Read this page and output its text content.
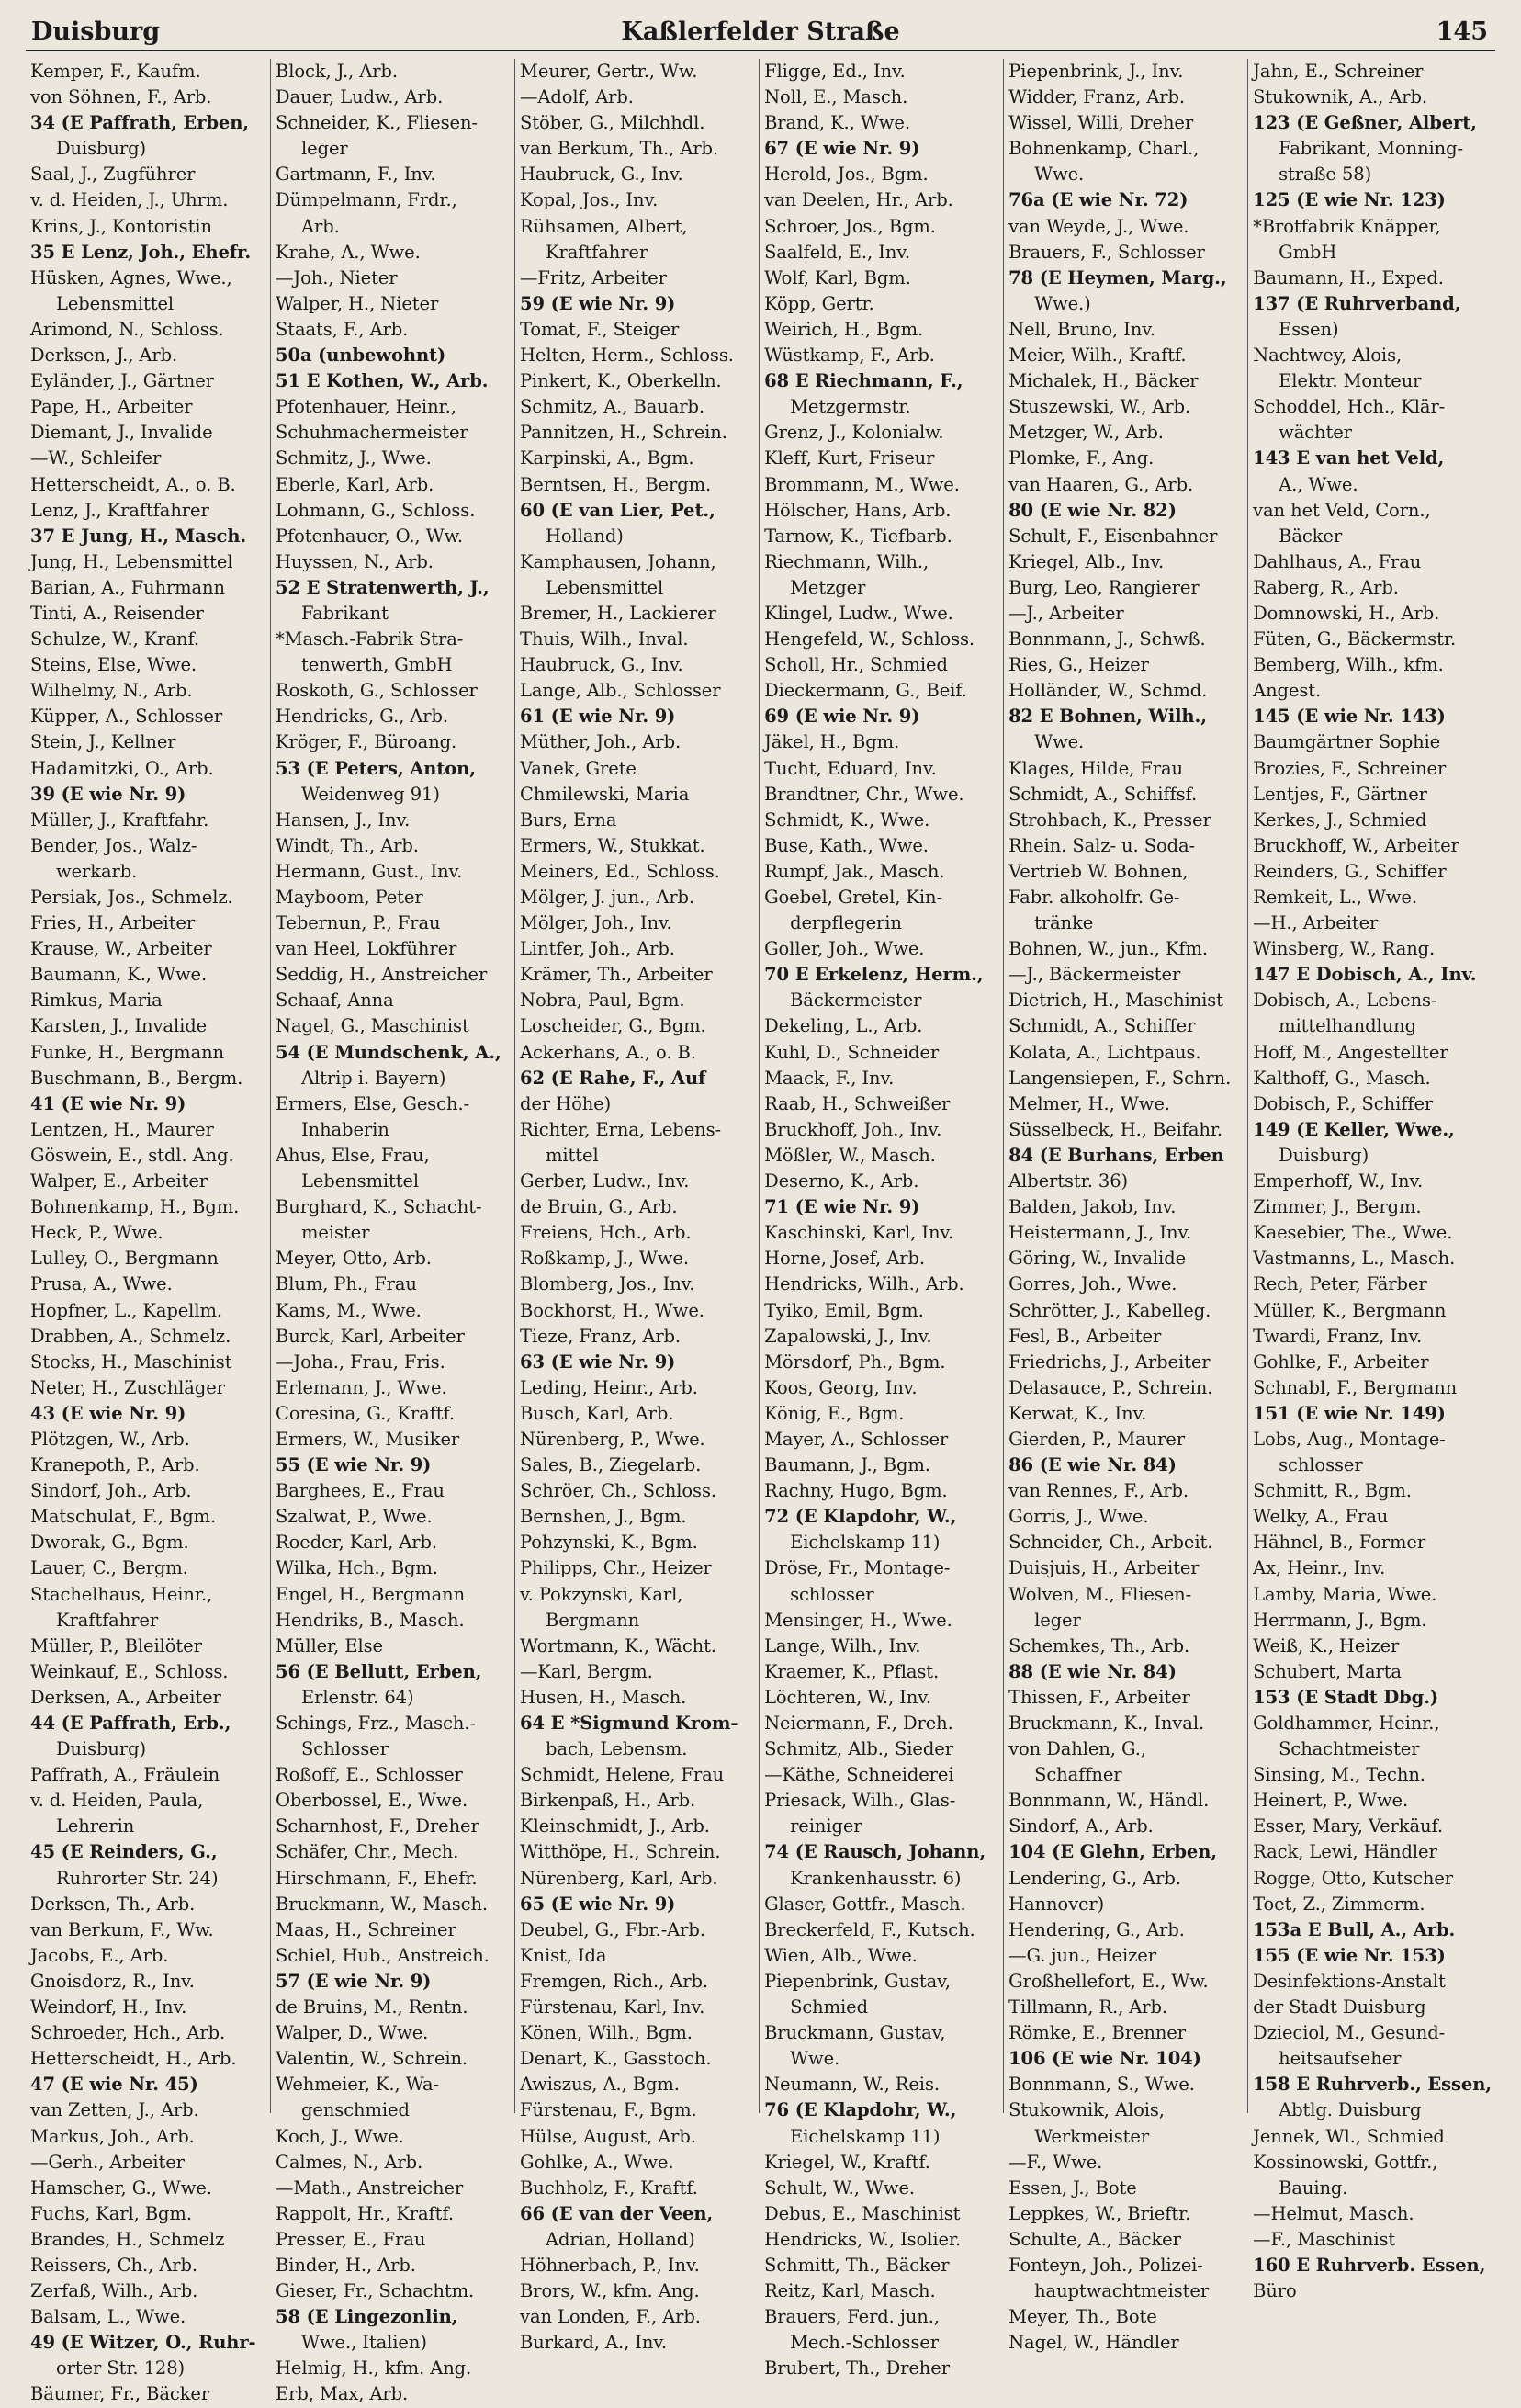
Duisburg	Kaßlerfelder Straße	145
Kemper, F., Kaufm.
von Söhnen, F., Arb.
34 (E Paffrath, Erben,
Duisburg)
Saal, J., Zugführer
v. d. Heiden, J., Uhrm.
Krins, J., Kontoristin
35 E Lenz, Joh., Ehefr.
Hüsken, Agnes, Wwe.,
Lebensmittel
Arimond, N., Schloss.
Derksen, J., Arb.
Eyländer, J., Gärtner
Pape, H., Arbeiter
Diemant, J., Invalide
—W., Schleifer
Hetterscheidt, A., o. B.
Lenz, J., Kraftfahrer
37 E Jung, H., Masch.
Jung, H., Lebensmittel
Barian, A., Fuhrmann
Tinti, A., Reisender
Schulze, W., Kranf.
Steins, Else, Wwe.
Wilhelmy, N., Arb.
Küpper, A., Schlosser
Stein, J., Kellner
Hadamitzki, O., Arb.
39 (E wie Nr. 9)
Müller, J., Kraftfahr.
Bender, Jos., Walz-
werkarb.
Persiak, Jos., Schmelz.
Fries, H., Arbeiter
Krause, W., Arbeiter
Baumann, K., Wwe.
Rimkus, Maria
Karsten, J., Invalide
Funke, H., Bergmann
Buschmann, B., Bergm.
41 (E wie Nr. 9)
Lentzen, H., Maurer
Göswein, E., stdl. Ang.
Walper, E., Arbeiter
Bohnenkamp, H., Bgm.
Heck, P., Wwe.
Lulley, O., Bergmann
Prusa, A., Wwe.
Hopfner, L., Kapellm.
Drabben, A., Schmelz.
Stocks, H., Maschinist
Neter, H., Zuschläger
43 (E wie Nr. 9)
Plötzgen, W., Arb.
Kranepoth, P., Arb.
Sindorf, Joh., Arb.
Matschulat, F., Bgm.
Dworak, G., Bgm.
Lauer, C., Bergm.
Stachelhaus, Heinr.,
Kraftfahrer
Müller, P., Bleilöter
Weinkauf, E., Schloss.
Derksen, A., Arbeiter
44 (E Paffrath, Erb.,
Duisburg)
Paffrath, A., Fräulein
v. d. Heiden, Paula,
Lehrerin
45 (E Reinders, G.,
Ruhrorter Str. 24)
Derksen, Th., Arb.
van Berkum, F., Ww.
Jacobs, E., Arb.
Gnoisdorz, R., Inv.
Weindorf, H., Inv.
Schroeder, Hch., Arb.
Hetterscheidt, H., Arb.
47 (E wie Nr. 45)
van Zetten, J., Arb.
Markus, Joh., Arb.
—Gerh., Arbeiter
Hamscher, G., Wwe.
Fuchs, Karl, Bgm.
Brandes, H., Schmelz
Reissers, Ch., Arb.
Zerfaß, Wilh., Arb.
Balsam, L., Wwe.
49 (E Witzer, O., Ruhr-
orter Str. 128)
Bäumer, Fr., Bäcker
Block, J., Arb.
Dauer, Ludw., Arb.
Schneider, K., Fliesen-
leger
Gartmann, F., Inv.
Dümpelmann, Frdr.,
Arb.
Krahe, A., Wwe.
—Joh., Nieter
Walper, H., Nieter
Staats, F., Arb.
50a (unbewohnt)
51 E Kothen, W., Arb.
Pfotenhauer, Heinr.,
Schuhmachermeister
Schmitz, J., Wwe.
Eberle, Karl, Arb.
Lohmann, G., Schloss.
Pfotenhauer, O., Ww.
Huyssen, N., Arb.
52 E Stratenwerth, J.,
Fabrikant
*Masch.-Fabrik Stra-
tenwerth, GmbH
Roskoth, G., Schlosser
Hendricks, G., Arb.
Kröger, F., Büroang.
53 (E Peters, Anton,
Weidenweg 91)
Hansen, J., Inv.
Windt, Th., Arb.
Hermann, Gust., Inv.
Mayboom, Peter
Tebernun, P., Frau
van Heel, Lokführer
Seddig, H., Anstreicher
Schaaf, Anna
Nagel, G., Maschinist
54 (E Mundschenk, A.,
Altrip i. Bayern)
Ermers, Else, Gesch.-
Inhaberin
Ahus, Else, Frau,
Lebensmittel
Burghard, K., Schacht-
meister
Meyer, Otto, Arb.
Blum, Ph., Frau
Kams, M., Wwe.
Burck, Karl, Arbeiter
—Joha., Frau, Fris.
Erlemann, J., Wwe.
Coresina, G., Kraftf.
Ermers, W., Musiker
55 (E wie Nr. 9)
Barghees, E., Frau
Szalwat, P., Wwe.
Roeder, Karl, Arb.
Wilka, Hch., Bgm.
Engel, H., Bergmann
Hendriks, B., Masch.
Müller, Else
56 (E Bellutt, Erben,
Erlenstr. 64)
Schings, Frz., Masch.-
Schlosser
Roßoff, E., Schlosser
Oberbossel, E., Wwe.
Scharnhost, F., Dreher
Schäfer, Chr., Mech.
Hirschmann, F., Ehefr.
Bruckmann, W., Masch.
Maas, H., Schreiner
Schiel, Hub., Anstreich.
57 (E wie Nr. 9)
de Bruins, M., Rentn.
Walper, D., Wwe.
Valentin, W., Schrein.
Wehmeier, K., Wa-
genschmied
Koch, J., Wwe.
Calmes, N., Arb.
—Math., Anstreicher
Rappolt, Hr., Kraftf.
Presser, E., Frau
Binder, H., Arb.
Gieser, Fr., Schachtm.
58 (E Lingezonlin,
Wwe., Italien)
Helmig, H., kfm. Ang.
Erb, Max, Arb.
Meurer, Gertr., Ww.
—Adolf, Arb.
Stöber, G., Milchhdl.
van Berkum, Th., Arb.
Haubruck, G., Inv.
Kopal, Jos., Inv.
Rühsamen, Albert,
Kraftfahrer
—Fritz, Arbeiter
59 (E wie Nr. 9)
Tomat, F., Steiger
Helten, Herm., Schloss.
Pinkert, K., Oberkelln.
Schmitz, A., Bauarb.
Pannitzen, H., Schrein.
Karpinski, A., Bgm.
Berntsen, H., Bergm.
60 (E van Lier, Pet.,
Holland)
Kamphausen, Johann,
Lebensmittel
Bremer, H., Lackierer
Thuis, Wilh., Inval.
Haubruck, G., Inv.
Lange, Alb., Schlosser
61 (E wie Nr. 9)
Müther, Joh., Arb.
Vanek, Grete
Chmilewski, Maria
Burs, Erna
Ermers, W., Stukkat.
Meiners, Ed., Schloss.
Mölger, J. jun., Arb.
Mölger, Joh., Inv.
Lintfer, Joh., Arb.
Krämer, Th., Arbeiter
Nobra, Paul, Bgm.
Loscheider, G., Bgm.
Ackerhans, A., o. B.
62 (E Rahe, F., Auf
der Höhe)
Richter, Erna, Lebens-
mittel
Gerber, Ludw., Inv.
de Bruin, G., Arb.
Freiens, Hch., Arb.
Roßkamp, J., Wwe.
Blomberg, Jos., Inv.
Bockhorst, H., Wwe.
Tieze, Franz, Arb.
63 (E wie Nr. 9)
Leding, Heinr., Arb.
Busch, Karl, Arb.
Nürenberg, P., Wwe.
Sales, B., Ziegelarb.
Schröer, Ch., Schloss.
Bernshen, J., Bgm.
Pohzynski, K., Bgm.
Philipps, Chr., Heizer
v. Pokzynski, Karl,
Bergmann
Wortmann, K., Wächt.
—Karl, Bergm.
Husen, H., Masch.
64 E *Sigmund Krom-
bach, Lebensm.
Schmidt, Helene, Frau
Birkenpaß, H., Arb.
Kleinschmidt, J., Arb.
Witthöpe, H., Schrein.
Nürenberg, Karl, Arb.
65 (E wie Nr. 9)
Deubel, G., Fbr.-Arb.
Knist, Ida
Fremgen, Rich., Arb.
Fürstenau, Karl, Inv.
Könen, Wilh., Bgm.
Denart, K., Gasstoch.
Awiszus, A., Bgm.
Fürstenau, F., Bgm.
Hülse, August, Arb.
Gohlke, A., Wwe.
Buchholz, F., Kraftf.
66 (E van der Veen,
Adrian, Holland)
Höhnerbach, P., Inv.
Brors, W., kfm. Ang.
van Londen, F., Arb.
Burkard, A., Inv.
Fligge, Ed., Inv.
Noll, E., Masch.
Brand, K., Wwe.
67 (E wie Nr. 9)
Herold, Jos., Bgm.
van Deelen, Hr., Arb.
Schroer, Jos., Bgm.
Saalfeld, E., Inv.
Wolf, Karl, Bgm.
Köpp, Gertr.
Weirich, H., Bgm.
Wüstkamp, F., Arb.
68 E Riechmann, F.,
Metzgermstr.
Grenz, J., Kolonialw.
Kleff, Kurt, Friseur
Brommann, M., Wwe.
Hölscher, Hans, Arb.
Tarnow, K., Tiefbarb.
Riechmann, Wilh.,
Metzger
Klingel, Ludw., Wwe.
Hengefeld, W., Schloss.
Scholl, Hr., Schmied
Dieckermann, G., Beif.
69 (E wie Nr. 9)
Jäkel, H., Bgm.
Tucht, Eduard, Inv.
Brandtner, Chr., Wwe.
Schmidt, K., Wwe.
Buse, Kath., Wwe.
Rumpf, Jak., Masch.
Goebel, Gretel, Kin-
derpflegerin
Goller, Joh., Wwe.
70 E Erkelenz, Herm.,
Bäckermeister
Dekeling, L., Arb.
Kuhl, D., Schneider
Maack, F., Inv.
Raab, H., Schweißer
Bruckhoff, Joh., Inv.
Mößler, W., Masch.
Deserno, K., Arb.
71 (E wie Nr. 9)
Kaschinski, Karl, Inv.
Horne, Josef, Arb.
Hendricks, Wilh., Arb.
Tyiko, Emil, Bgm.
Zapalowski, J., Inv.
Mörsdorf, Ph., Bgm.
Koos, Georg, Inv.
König, E., Bgm.
Mayer, A., Schlosser
Baumann, J., Bgm.
Rachny, Hugo, Bgm.
72 (E Klapdohr, W.,
Eichelskamp 11)
Dröse, Fr., Montage-
schlosser
Mensinger, H., Wwe.
Lange, Wilh., Inv.
Kraemer, K., Pflast.
Löchteren, W., Inv.
Neiermann, F., Dreh.
Schmitz, Alb., Sieder
—Käthe, Schneiderei
Priesack, Wilh., Glas-
reiniger
74 (E Rausch, Johann,
Krankenhausstr. 6)
Glaser, Gottfr., Masch.
Breckerfeld, F., Kutsch.
Wien, Alb., Wwe.
Piepenbrink, Gustav,
Schmied
Bruckmann, Gustav,
Wwe.
Neumann, W., Reis.
76 (E Klapdohr, W.,
Eichelskamp 11)
Kriegel, W., Kraftf.
Schult, W., Wwe.
Debus, E., Maschinist
Hendricks, W., Isolier.
Schmitt, Th., Bäcker
Reitz, Karl, Masch.
Brauers, Ferd. jun.,
Mech.-Schlosser
Brubert, Th., Dreher
Piepenbrink, J., Inv.
Widder, Franz, Arb.
Wissel, Willi, Dreher
Bohnenkamp, Charl.,
Wwe.
76a (E wie Nr. 72)
van Weyde, J., Wwe.
Brauers, F., Schlosser
78 (E Heymen, Marg.,
Wwe.)
Nell, Bruno, Inv.
Meier, Wilh., Kraftf.
Michalek, H., Bäcker
Stuszewski, W., Arb.
Metzger, W., Arb.
Plomke, F., Ang.
van Haaren, G., Arb.
80 (E wie Nr. 82)
Schult, F., Eisenbahner
Kriegel, Alb., Inv.
Burg, Leo, Rangierer
—J., Arbeiter
Bonnmann, J., Schwß.
Ries, G., Heizer
Holländer, W., Schmd.
82 E Bohnen, Wilh.,
Wwe.
Klages, Hilde, Frau
Schmidt, A., Schiffsf.
Strohbach, K., Presser
Rhein. Salz- u. Soda-
Vertrieb W. Bohnen,
Fabr. alkoholfr. Ge-
tränke
Bohnen, W., jun., Kfm.
—J., Bäckermeister
Dietrich, H., Maschinist
Schmidt, A., Schiffer
Kolata, A., Lichtpaus.
Langensiepen, F., Schrn.
Melmer, H., Wwe.
Süsselbeck, H., Beifahr.
84 (E Burhans, Erben
Albertstr. 36)
Balden, Jakob, Inv.
Heistermann, J., Inv.
Göring, W., Invalide
Gorres, Joh., Wwe.
Schrötter, J., Kabelleg.
Fesl, B., Arbeiter
Friedrichs, J., Arbeiter
Delasauce, P., Schrein.
Kerwat, K., Inv.
Gierden, P., Maurer
86 (E wie Nr. 84)
van Rennes, F., Arb.
Gorris, J., Wwe.
Schneider, Ch., Arbeit.
Duisjuis, H., Arbeiter
Wolven, M., Fliesen-
leger
Schemkes, Th., Arb.
88 (E wie Nr. 84)
Thissen, F., Arbeiter
Bruckmann, K., Inval.
von Dahlen, G.,
Schaffner
Bonnmann, W., Händl.
Sindorf, A., Arb.
104 (E Glehn, Erben,
Lendering, G., Arb.
Hannover)
Hendering, G., Arb.
—G. jun., Heizer
Großhellefort, E., Ww.
Tillmann, R., Arb.
Römke, E., Brenner
106 (E wie Nr. 104)
Bonnmann, S., Wwe.
Stukownik, Alois,
Werkmeister
—F., Wwe.
Essen, J., Bote
Leppkes, W., Brieftr.
Schulte, A., Bäcker
Fonteyn, Joh., Polizei-
hauptwachtmeister
Meyer, Th., Bote
Nagel, W., Händler
Jahn, E., Schreiner
Stukownik, A., Arb.
123 (E Geßner, Albert,
Fabrikant, Monning-
straße 58)
125 (E wie Nr. 123)
*Brotfabrik Knäpper,
GmbH
Baumann, H., Exped.
137 (E Ruhrverband,
Essen)
Nachtwey, Alois,
Elektr. Monteur
Schoddel, Hch., Klär-
wächter
143 E van het Veld,
A., Wwe.
van het Veld, Corn.,
Bäcker
Dahlhaus, A., Frau
Raberg, R., Arb.
Domnowski, H., Arb.
Füten, G., Bäckermstr.
Bemberg, Wilh., kfm.
Angest.
145 (E wie Nr. 143)
Baumgärtner Sophie
Brozies, F., Schreiner
Lentjes, F., Gärtner
Kerkes, J., Schmied
Bruckhoff, W., Arbeiter
Reinders, G., Schiffer
Remkeit, L., Wwe.
—H., Arbeiter
Winsberg, W., Rang.
147 E Dobisch, A., Inv.
Dobisch, A., Lebens-
mittelhandlung
Hoff, M., Angestellter
Kalthoff, G., Masch.
Dobisch, P., Schiffer
149 (E Keller, Wwe.,
Duisburg)
Emperhoff, W., Inv.
Zimmer, J., Bergm.
Kaesebier, The., Wwe.
Vastmanns, L., Masch.
Rech, Peter, Färber
Müller, K., Bergmann
Twardi, Franz, Inv.
Gohlke, F., Arbeiter
Schnabl, F., Bergmann
151 (E wie Nr. 149)
Lobs, Aug., Montage-
schlosser
Schmitt, R., Bgm.
Welky, A., Frau
Hähnel, B., Former
Ax, Heinr., Inv.
Lamby, Maria, Wwe.
Herrmann, J., Bgm.
Weiß, K., Heizer
Schubert, Marta
153 (E Stadt Dbg.)
Goldhammer, Heinr.,
Schachtmeister
Sinsing, M., Techn.
Heinert, P., Wwe.
Esser, Mary, Verkäuf.
Rack, Lewi, Händler
Rogge, Otto, Kutscher
Toet, Z., Zimmerm.
153a E Bull, A., Arb.
155 (E wie Nr. 153)
Desinfektions-Anstalt
der Stadt Duisburg
Dzieciol, M., Gesund-
heitsaufseher
158 E Ruhrverb., Essen,
Abtlg. Duisburg
Jennek, Wl., Schmied
Kossinowski, Gottfr.,
Bauing.
—Helmut, Masch.
—F., Maschinist
160 E Ruhrverb. Essen,
Büro
